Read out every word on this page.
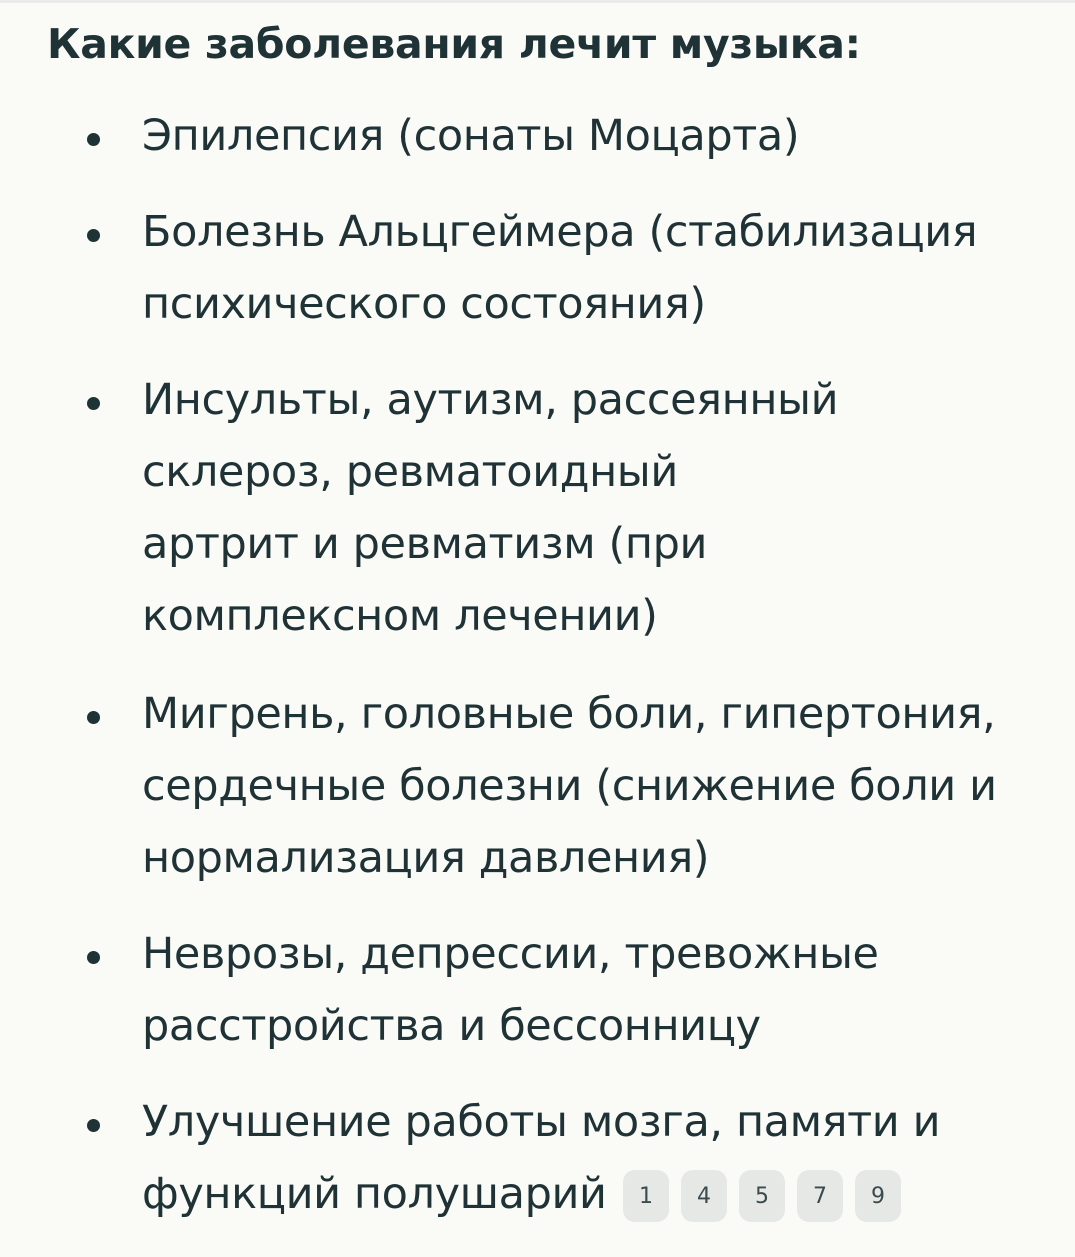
Какие заболевания лечит музыка:
Эпилепсия (сонаты Моцарта)
Болезнь Альцгеймера (стабилизация
психического состояния)
Инсульты, аутизм, рассеянный
склероз, ревматоидный
артрит и ревматизм (при
комплексном лечении)
Мигрень, головные боли, гипертония,
сердечные болезни (снижение боли и
нормализация давления)
Неврозы, депрессии, тревожные
расстройства и бессонницу
Улучшение работы мозга, памяти и
функций полушарий	1	4	5	7	9
